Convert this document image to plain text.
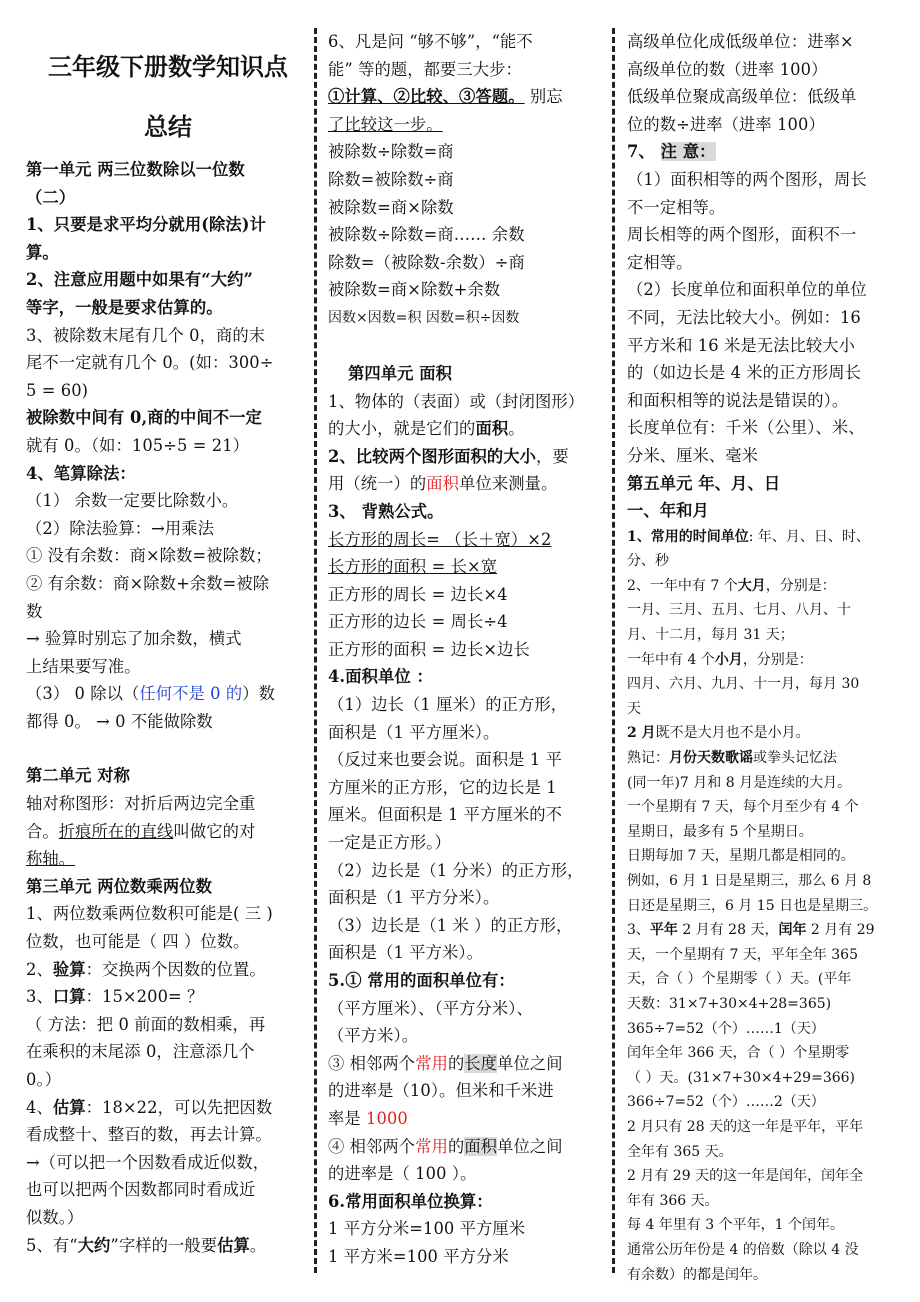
三年级下册数学知识点

总结

第一单元 两三位数除以一位数

（二）

1、只要是求平均分就用(除法)计

算。

2、注意应用题中如果有“大约”

等字，一般是要求估算的。

3、被除数末尾有几个 0，商的末

尾不一定就有几个 0。(如：300÷

5 = 60)

被除数中间有 0,商的中间不一定

就有 0。（如：105÷5 = 21）

4、笔算除法：

（1） 余数一定要比除数小。

（2）除法验算：→用乘法

① 没有余数：商×除数=被除数；

② 有余数：商×除数+余数=被除

数

→ 验算时别忘了加余数，横式

上结果要写准。

（3） 0 除以（任何不是 0 的）数

都得 0。 → 0 不能做除数

第二单元 对称

轴对称图形：对折后两边完全重

合。折痕所在的直线叫做它的对

称轴。

第三单元 两位数乘两位数

1、两位数乘两位数积可能是( 三 )

位数，也可能是（ 四 ）位数。

2、验算：交换两个因数的位置。

3、口算：15×200= ？

（ 方法：把 0 前面的数相乘，再

在乘积的末尾添 0，注意添几个

0。）

4、估算：18×22，可以先把因数

看成整十、整百的数，再去计算。

→（可以把一个因数看成近似数，

也可以把两个因数都同时看成近

似数。）

5、有“大约”字样的一般要估算。

6、凡是问 “够不够”，“能不

能” 等的题，都要三大步：

①计算、②比较、③答题。 别忘

了比较这一步。

被除数÷除数=商

除数=被除数÷商

被除数=商×除数

被除数÷除数=商…… 余数

除数=（被除数-余数）÷商

被除数=商×除数+余数

因数×因数=积 因数=积÷因数

第四单元 面积

1、物体的（表面）或（封闭图形）

的大小，就是它们的面积。

2、比较两个图形面积的大小，要

用（统一）的面积单位来测量。

3、 背熟公式。

长方形的周长= （长＋宽）×2

长方形的面积 = 长×宽

正方形的周长 = 边长×4

正方形的边长 = 周长÷4

正方形的面积 = 边长×边长

4.面积单位 ：

（1）边长（1 厘米）的正方形，

面积是（1 平方厘米）。

（反过来也要会说。面积是 1 平

方厘米的正方形，它的边长是 1

厘米。但面积是 1 平方厘米的不

一定是正方形。）

（2）边长是（1 分米）的正方形，

面积是（1 平方分米）。

（3）边长是（1 米 ）的正方形，

面积是（1 平方米）。

5.① 常用的面积单位有：

（平方厘米）、（平方分米）、

（平方米）。

③ 相邻两个常用的长度单位之间

的进率是（10）。但米和千米进

率是 1000

④ 相邻两个常用的面积单位之间

的进率是（ 100 ）。

6.常用面积单位换算：

1 平方分米=100 平方厘米

1 平方米=100 平方分米

高级单位化成低级单位：进率×

高级单位的数（进率 100）

低级单位聚成高级单位：低级单

位的数÷进率（进率 100）

7、 注 意：

（1）面积相等的两个图形，周长

不一定相等。

周长相等的两个图形，面积不一

定相等。

（2）长度单位和面积单位的单位

不同，无法比较大小。例如：16

平方米和 16 米是无法比较大小

的（如边长是 4 米的正方形周长

和面积相等的说法是错误的）。

长度单位有：千米（公里）、米、

分米、厘米、毫米

第五单元 年、月、日

一、年和月

1、常用的时间单位: 年、月、日、时、

分、秒

2、一年中有 7 个大月，分别是：

一月、三月、五月、七月、八月、十

月、十二月，每月 31 天；

一年中有 4 个小月，分别是：

四月、六月、九月、十一月，每月 30

天

2 月既不是大月也不是小月。

熟记：月份天数歌谣或拳头记忆法

(同一年)7 月和 8 月是连续的大月。

一个星期有 7 天，每个月至少有 4 个

星期日，最多有 5 个星期日。

日期每加 7 天，星期几都是相同的。

例如，6 月 1 日是星期三，那么 6 月 8

日还是星期三，6 月 15 日也是星期三。

3、平年 2 月有 28 天，闰年 2 月有 29

天，一个星期有 7 天，平年全年 365

天，合（ ）个星期零（ ）天。(平年

天数：31×7+30×4+28=365)

365÷7=52（个）……1（天）

闰年全年 366 天，合（ ）个星期零

（ ）天。(31×7+30×4+29=366)

366÷7=52（个）……2（天）

2 月只有 28 天的这一年是平年，平年

全年有 365 天。

2 月有 29 天的这一年是闰年，闰年全

年有 366 天。

每 4 年里有 3 个平年，1 个闰年。

通常公历年份是 4 的倍数（除以 4 没

有余数）的都是闰年。
